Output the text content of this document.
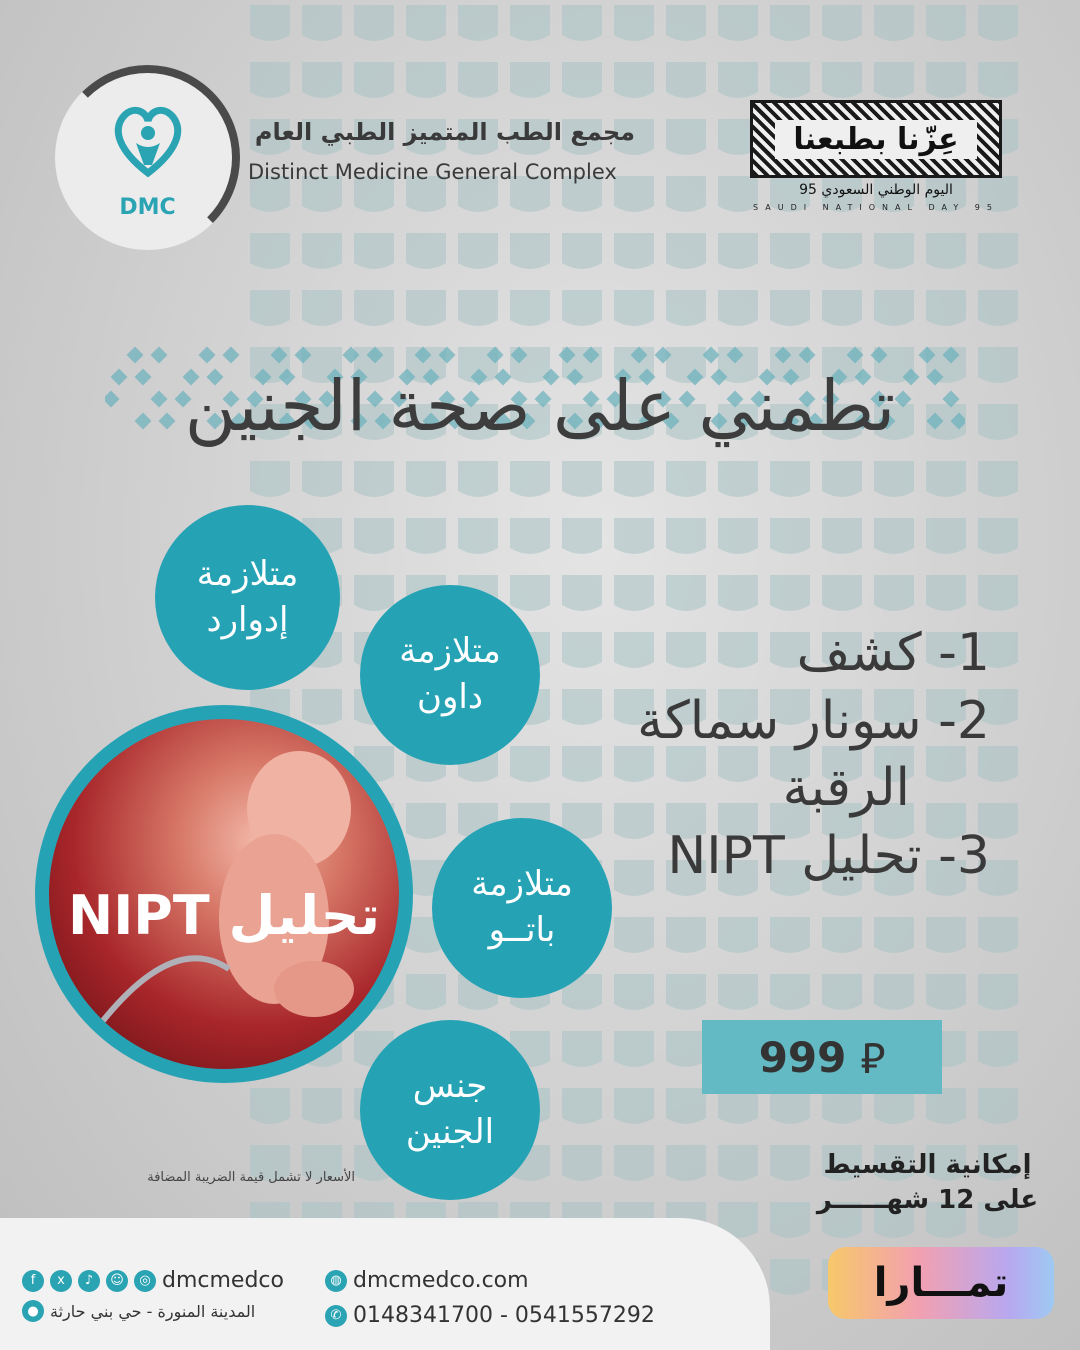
DMC
مجمع الطب المتميز الطبي العام
Distinct Medicine General Complex
عِزّنا بطبعنا
اليوم الوطني السعودي 95
SAUDI NATIONAL DAY 95
تطمني على صحة الجنين
متلازمة
إدوارد
متلازمة
داون
متلازمة
باتــو
جنس
الجنين
تحليل NIPT
1- كشف
2- سونار سماكة
الرقبة
3- تحليل NIPT
999 ⃁
الأسعار لا تشمل قيمة الضريبة المضافة	إمكانية التقسيط
على 12 شهــــــر
تمـــارا
f	x	♪	☺	◎ dmcmedco	◍ dmcmedco.com
● المدينة المنورة - حي بني حارثة	✆ 0148341700 - 0541557292
